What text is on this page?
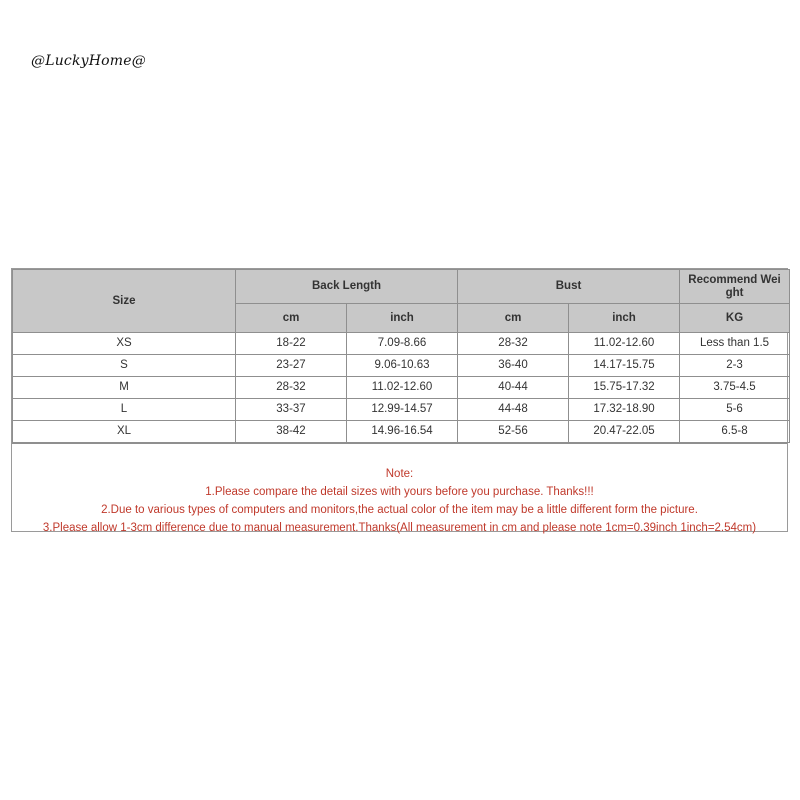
@LuckyHome@
Size	Back Length		Bust		Recommend Wei ght
	cm	inch	cm	inch	KG
XS	18-22	7.09-8.66	28-32	11.02-12.60	Less than 1.5
S	23-27	9.06-10.63	36-40	14.17-15.75	2-3
M	28-32	11.02-12.60	40-44	15.75-17.32	3.75-4.5
L	33-37	12.99-14.57	44-48	17.32-18.90	5-6
XL	38-42	14.96-16.54	52-56	20.47-22.05	6.5-8
Note:
1.Please compare the detail sizes with yours before you purchase. Thanks!!!
2.Due to various types of computers and monitors,the actual color of the item may be a little different form the picture.
3.Please allow 1-3cm difference due to manual measurement.Thanks(All measurement in cm and please note 1cm=0.39inch 1inch=2.54cm)
